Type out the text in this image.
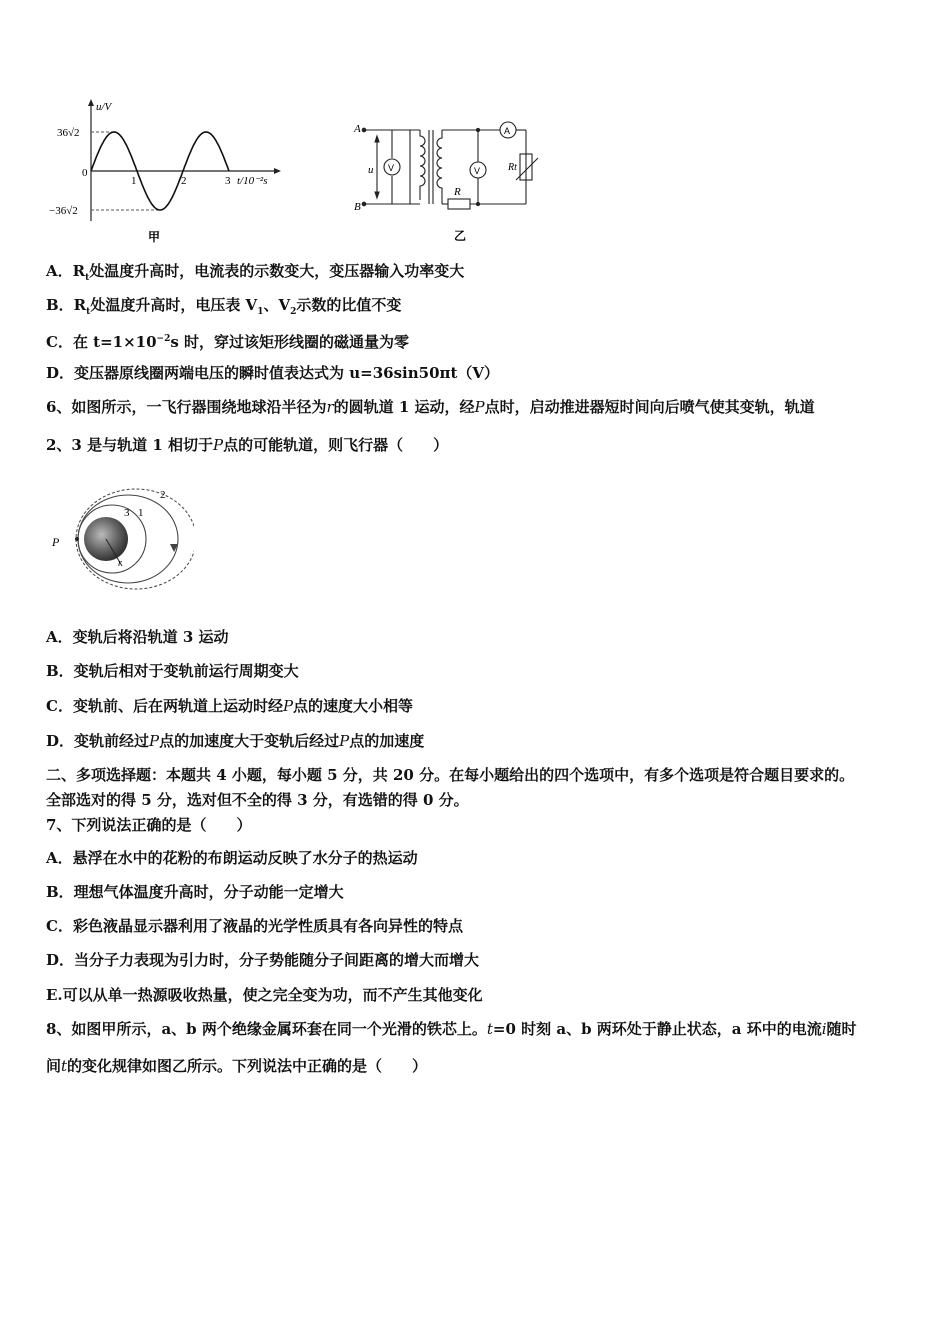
u/V
36√2
−36√2
0
1	2	3 t/10⁻²s
甲
A
B
u V	V
A
R
Rt
乙
A．$R_t$处温度升高时，电流表的示数变大，变压器输入功率变大
B．$R_t$处温度升高时，电压表 $V_1$、$V_2$示数的比值不变
C．在 $t=1\times 10^{-2}s$ 时，穿过该矩形线圈的磁通量为零
D．变压器原线圈两端电压的瞬时值表达式为 u=36sin50πt（V）
6、如图所示，一飞行器围绕地球沿半径为r的圆轨道 1 运动，经P点时，启动推进器短时间向后喷气使其变轨，轨道
2、3 是与轨道 1 相切于P点的可能轨道，则飞行器（　　）
P
3 1
2
r
A．变轨后将沿轨道 3 运动
B．变轨后相对于变轨前运行周期变大
C．变轨前、后在两轨道上运动时经P点的速度大小相等
D．变轨前经过P点的加速度大于变轨后经过P点的加速度
二、多项选择题：本题共 4 小题，每小题 5 分，共 20 分。在每小题给出的四个选项中，有多个选项是符合题目要求的。
全部选对的得 5 分，选对但不全的得 3 分，有选错的得 0 分。
7、下列说法正确的是（　　）
A．悬浮在水中的花粉的布朗运动反映了水分子的热运动
B．理想气体温度升高时，分子动能一定增大
C．彩色液晶显示器利用了液晶的光学性质具有各向异性的特点
D．当分子力表现为引力时，分子势能随分子间距离的增大而增大
E.可以从单一热源吸收热量，使之完全变为功，而不产生其他变化
8、如图甲所示，a、b 两个绝缘金属环套在同一个光滑的铁芯上。t=0 时刻 a、b 两环处于静止状态，a 环中的电流i随时
间t的变化规律如图乙所示。下列说法中正确的是（　　）
